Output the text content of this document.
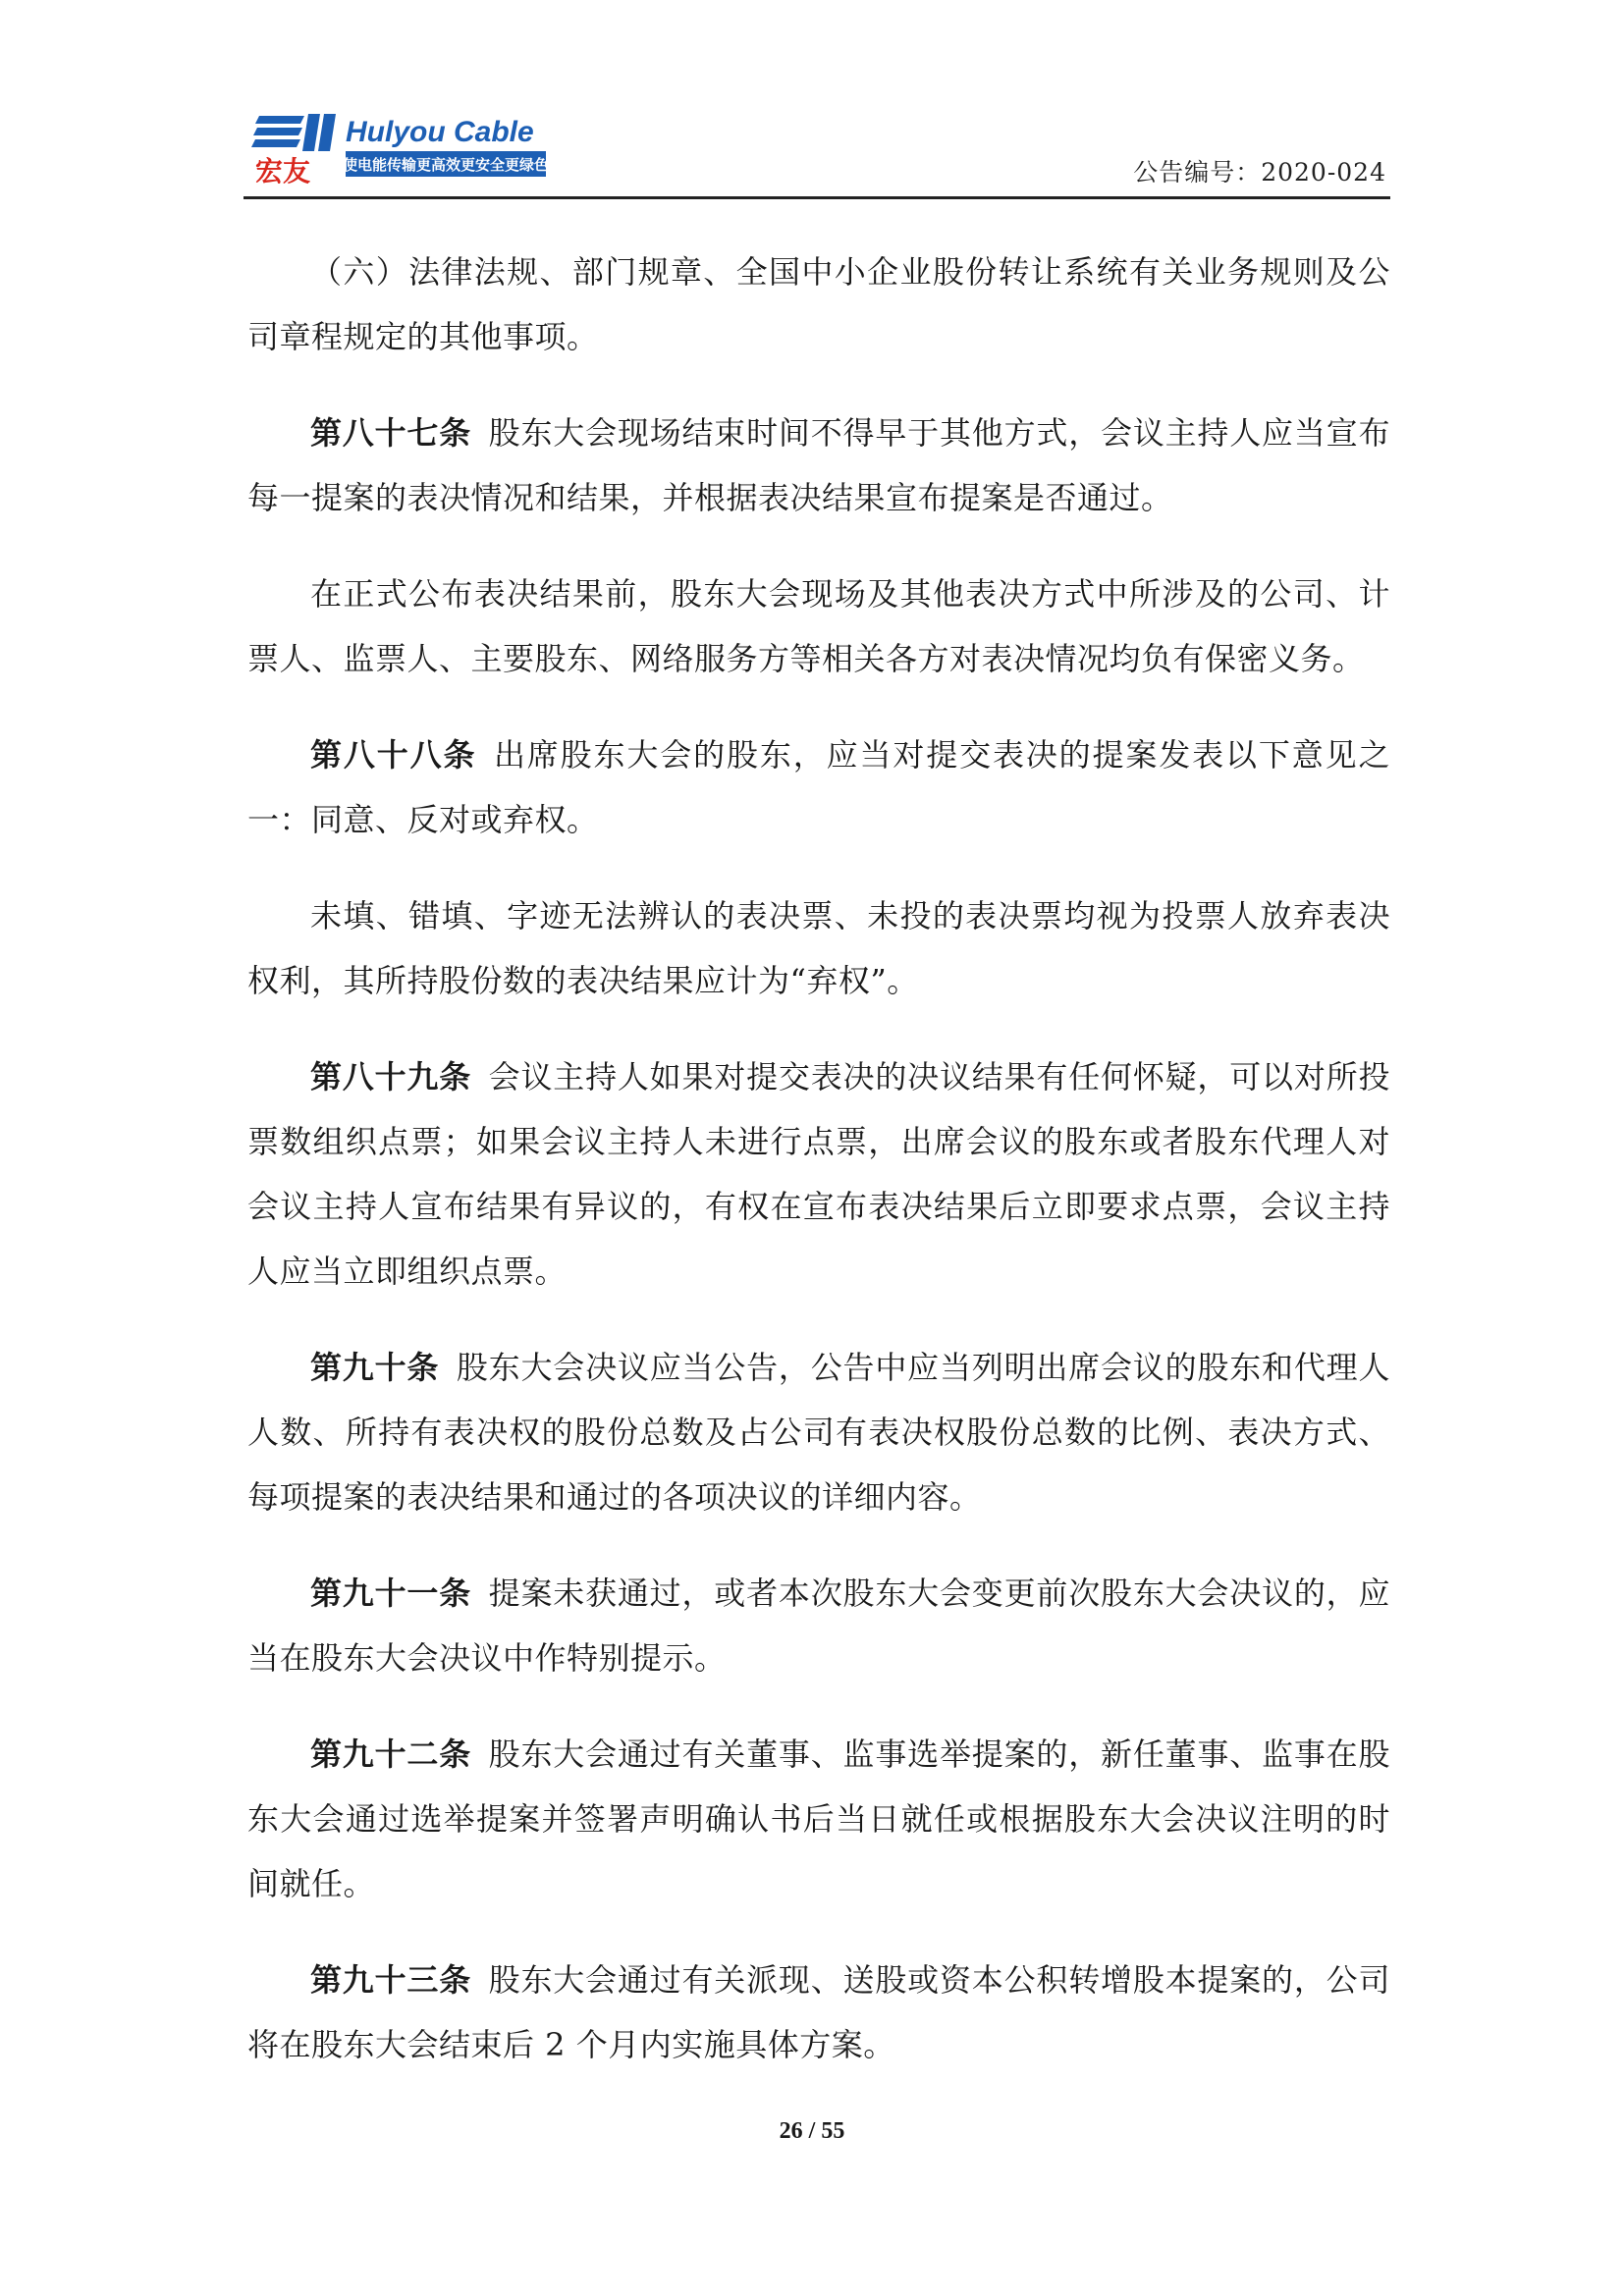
宏友
Hulyou Cable
使电能传输更高效更安全更绿色	公告编号：2020-024

（六）法律法规、部门规章、全国中小企业股份转让系统有关业务规则及公司章程规定的其他事项。

第八十七条 股东大会现场结束时间不得早于其他方式，会议主持人应当宣布每一提案的表决情况和结果，并根据表决结果宣布提案是否通过。

在正式公布表决结果前，股东大会现场及其他表决方式中所涉及的公司、计票人、监票人、主要股东、网络服务方等相关各方对表决情况均负有保密义务。

第八十八条 出席股东大会的股东，应当对提交表决的提案发表以下意见之一：同意、反对或弃权。

未填、错填、字迹无法辨认的表决票、未投的表决票均视为投票人放弃表决权利，其所持股份数的表决结果应计为“弃权”。

第八十九条 会议主持人如果对提交表决的决议结果有任何怀疑，可以对所投票数组织点票；如果会议主持人未进行点票，出席会议的股东或者股东代理人对会议主持人宣布结果有异议的，有权在宣布表决结果后立即要求点票，会议主持人应当立即组织点票。

第九十条 股东大会决议应当公告，公告中应当列明出席会议的股东和代理人人数、所持有表决权的股份总数及占公司有表决权股份总数的比例、表决方式、每项提案的表决结果和通过的各项决议的详细内容。

第九十一条 提案未获通过，或者本次股东大会变更前次股东大会决议的，应当在股东大会决议中作特别提示。

第九十二条 股东大会通过有关董事、监事选举提案的，新任董事、监事在股东大会通过选举提案并签署声明确认书后当日就任或根据股东大会决议注明的时间就任。

第九十三条 股东大会通过有关派现、送股或资本公积转增股本提案的，公司将在股东大会结束后 2 个月内实施具体方案。

26 / 55
